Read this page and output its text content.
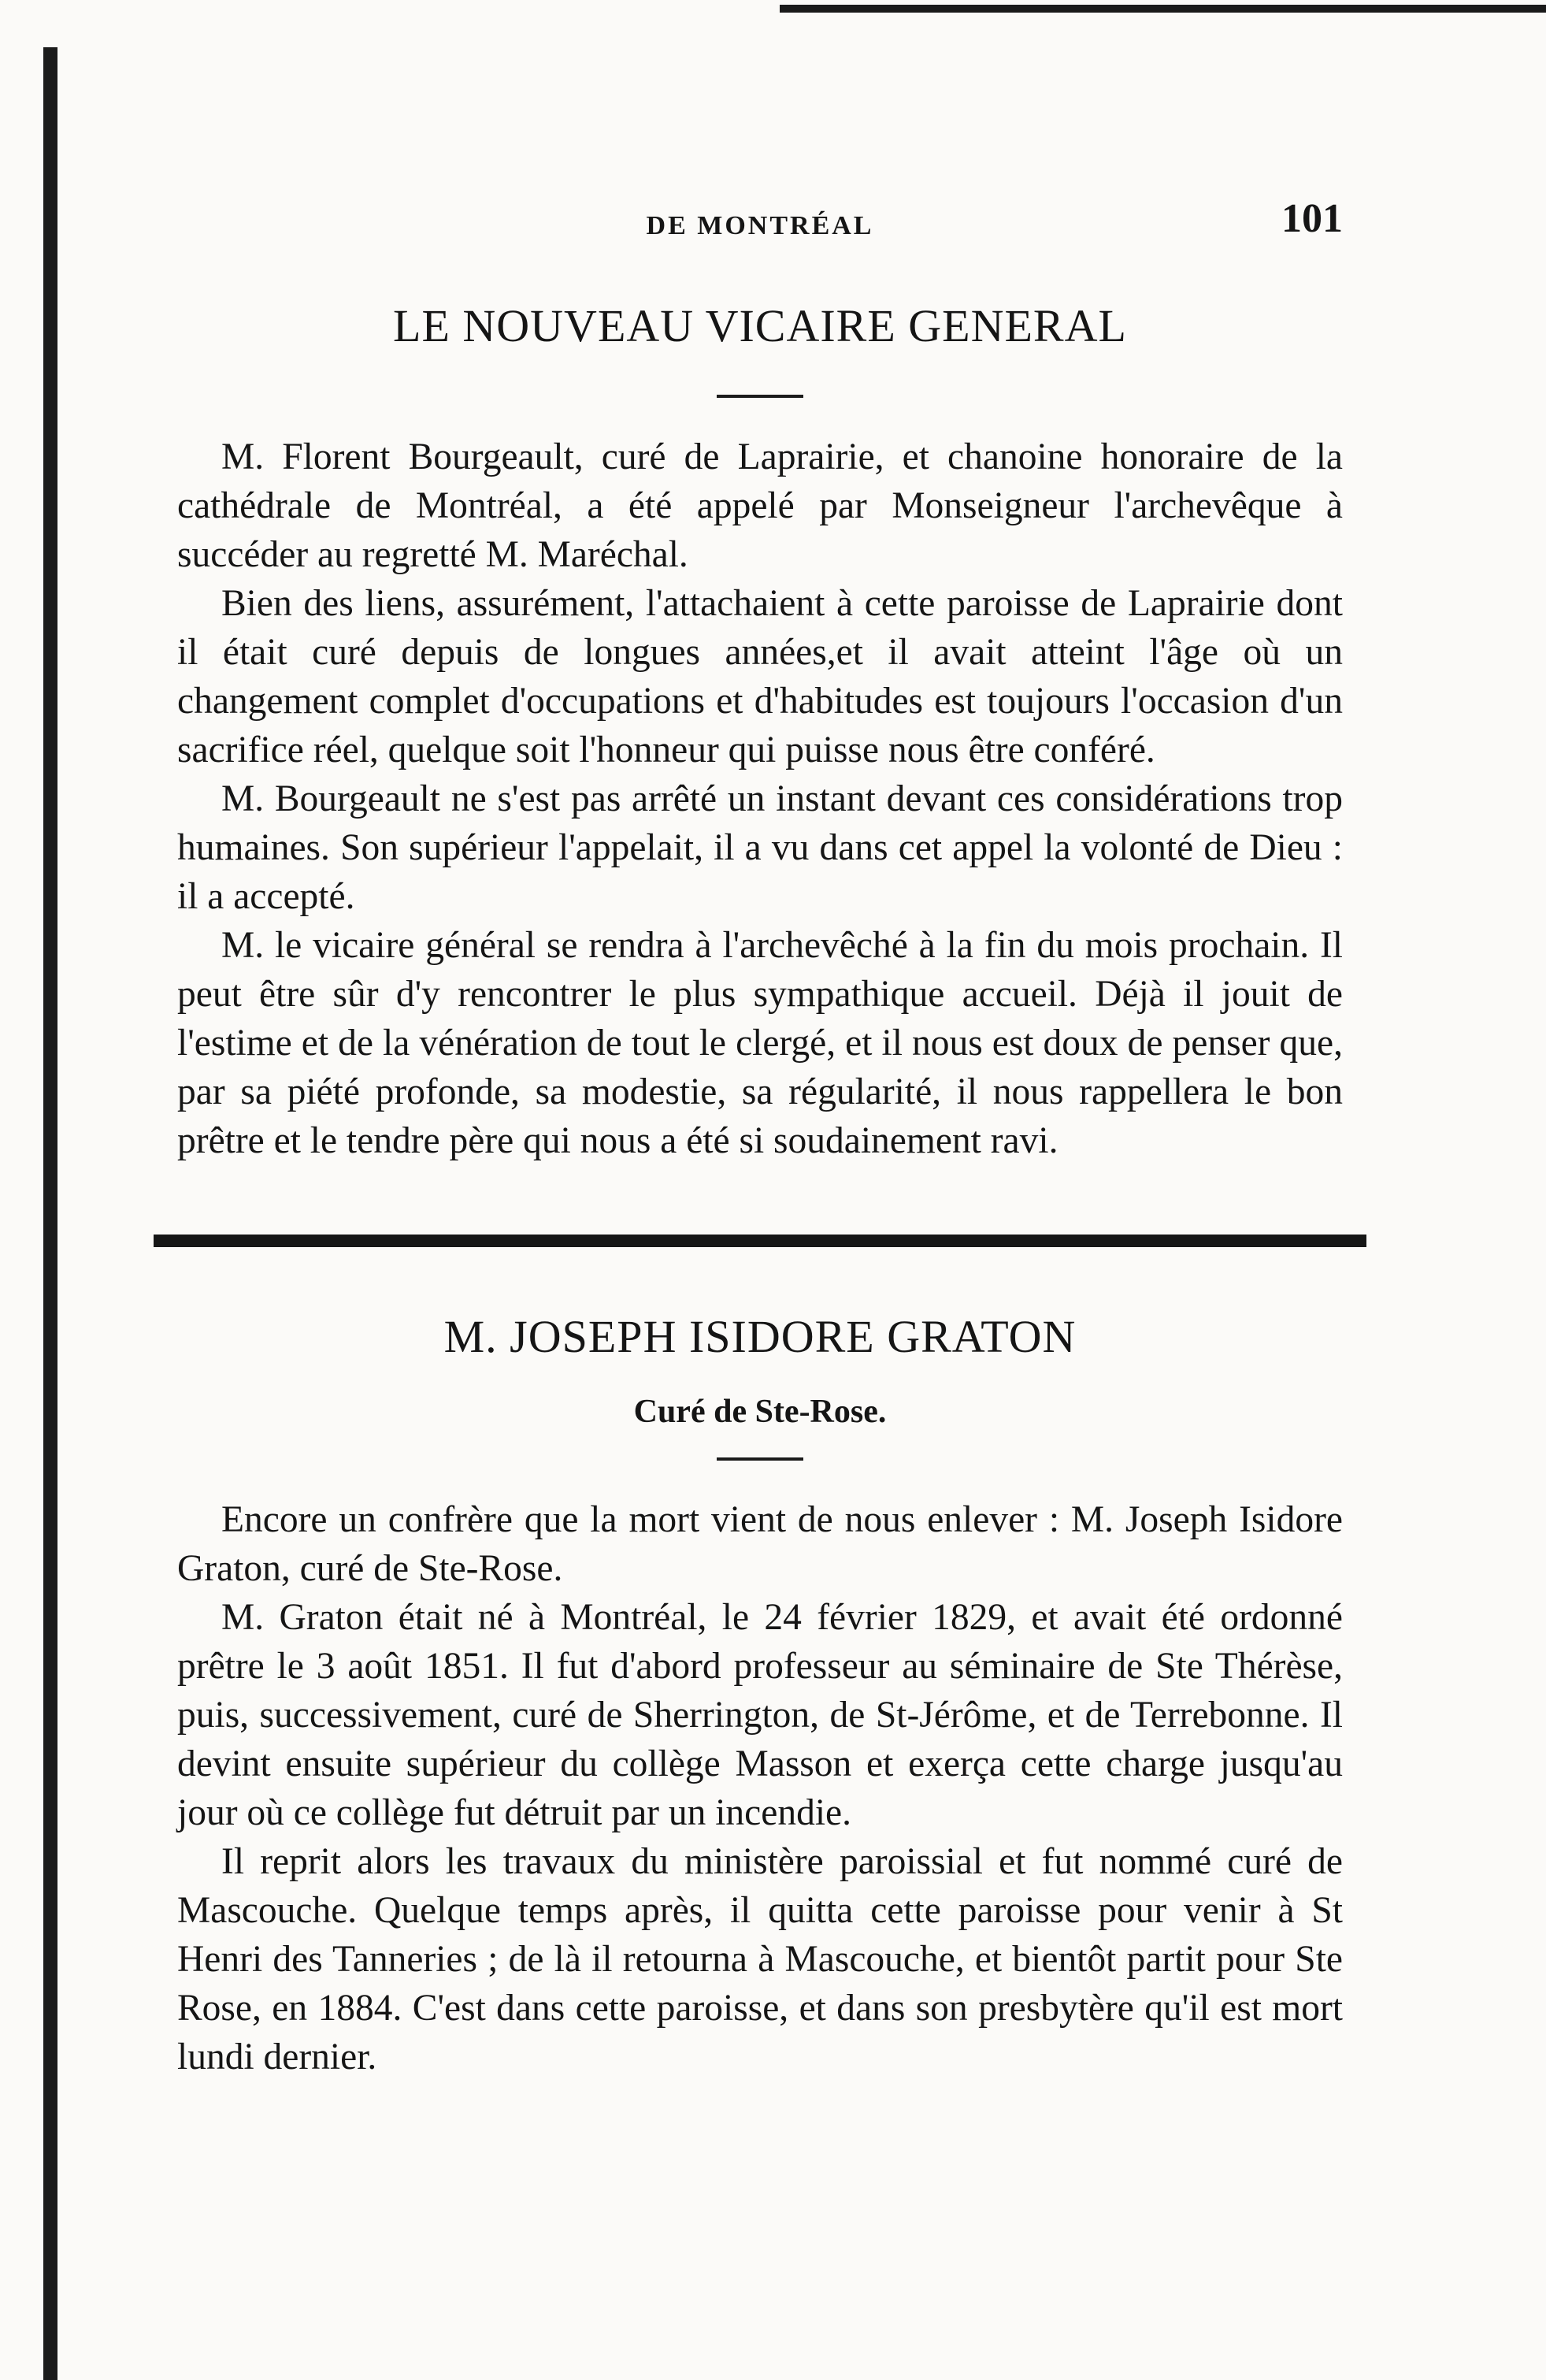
DE MONTRÉAL	101
LE NOUVEAU VICAIRE GENERAL

M. Florent Bourgeault, curé de Laprairie, et chanoine honoraire de la cathédrale de Montréal, a été appelé par Monseigneur l'archevêque à succéder au regretté M. Maréchal.

Bien des liens, assurément, l'attachaient à cette paroisse de Laprairie dont il était curé depuis de longues années,et il avait atteint l'âge où un changement complet d'occupations et d'habitudes est toujours l'occasion d'un sacrifice réel, quelque soit l'honneur qui puisse nous être conféré.

M. Bourgeault ne s'est pas arrêté un instant devant ces considérations trop humaines. Son supérieur l'appelait, il a vu dans cet appel la volonté de Dieu : il a accepté.

M. le vicaire général se rendra à l'archevêché à la fin du mois prochain. Il peut être sûr d'y rencontrer le plus sympathique accueil. Déjà il jouit de l'estime et de la vénération de tout le clergé, et il nous est doux de penser que, par sa piété profonde, sa modestie, sa régularité, il nous rappellera le bon prêtre et le tendre père qui nous a été si soudainement ravi.

M. JOSEPH ISIDORE GRATON
Curé de Ste-Rose.

Encore un confrère que la mort vient de nous enlever : M. Joseph Isidore Graton, curé de Ste-Rose.

M. Graton était né à Montréal, le 24 février 1829, et avait été ordonné prêtre le 3 août 1851. Il fut d'abord professeur au séminaire de Ste Thérèse, puis, successivement, curé de Sherrington, de St-Jérôme, et de Terrebonne. Il devint ensuite supérieur du collège Masson et exerça cette charge jusqu'au jour où ce collège fut détruit par un incendie.

Il reprit alors les travaux du ministère paroissial et fut nommé curé de Mascouche. Quelque temps après, il quitta cette paroisse pour venir à St Henri des Tanneries ; de là il retourna à Mascouche, et bientôt partit pour Ste Rose, en 1884. C'est dans cette paroisse, et dans son presbytère qu'il est mort lundi dernier.
